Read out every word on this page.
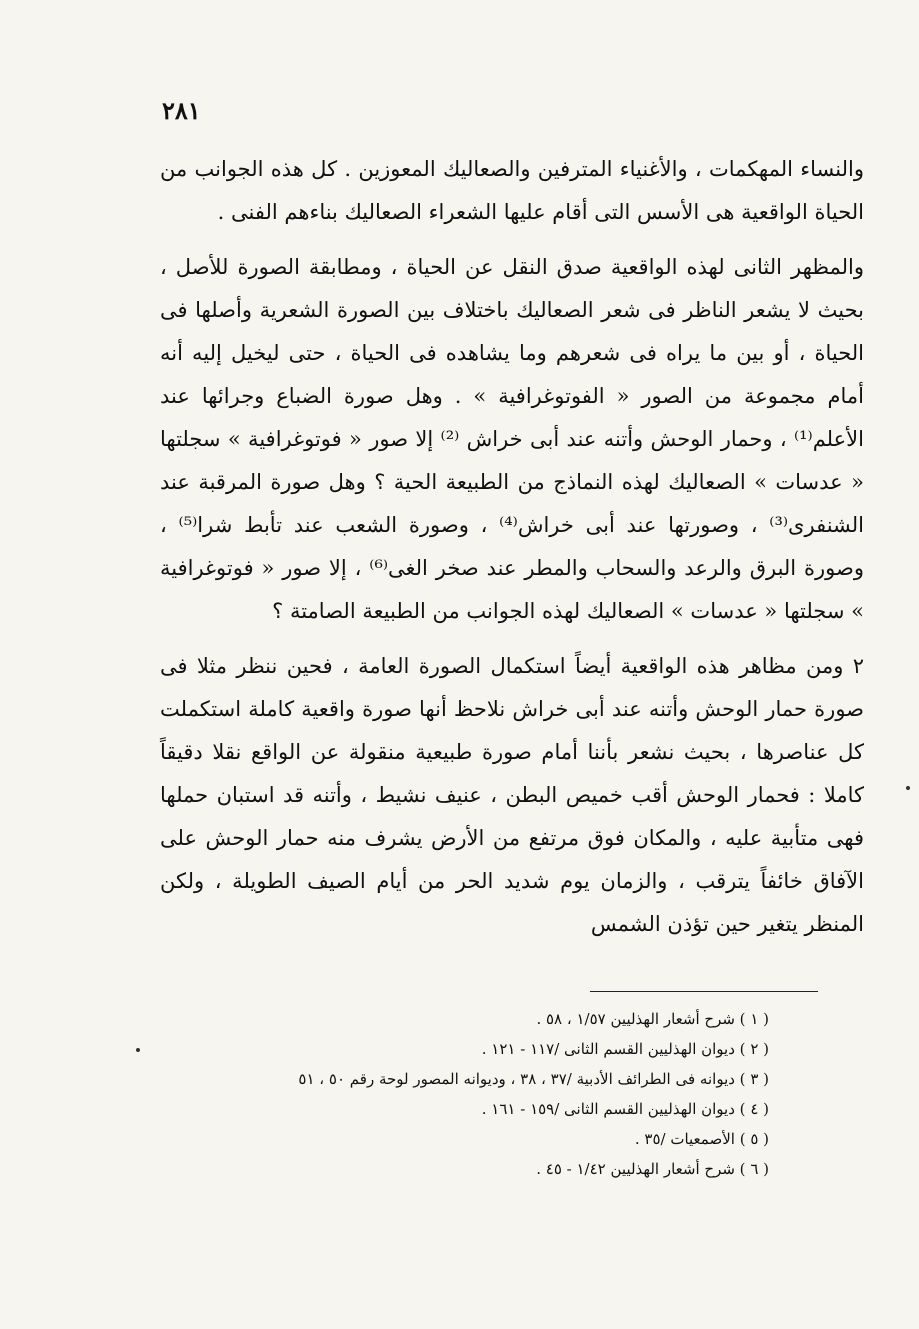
٢٨١

والنساء المهكمات ، والأغنياء المترفين والصعاليك المعوزين . كل هذه الجوانب من الحياة الواقعية هى الأسس التى أقام عليها الشعراء الصعاليك بناءهم الفنى .

والمظهر الثانى لهذه الواقعية صدق النقل عن الحياة ، ومطابقة الصورة للأصل ، بحيث لا يشعر الناظر فى شعر الصعاليك باختلاف بين الصورة الشعرية وأصلها فى الحياة ، أو بين ما يراه فى شعرهم وما يشاهده فى الحياة ، حتى ليخيل إليه أنه أمام مجموعة من الصور « الفوتوغرافية » . وهل صورة الضباع وجرائها عند الأعلم⁽¹⁾ ، وحمار الوحش وأتنه عند أبى خراش ⁽²⁾ إلا صور « فوتوغرافية » سجلتها « عدسات » الصعاليك لهذه النماذج من الطبيعة الحية ؟ وهل صورة المرقبة عند الشنفرى⁽³⁾ ، وصورتها عند أبى خراش⁽⁴⁾ ، وصورة الشعب عند تأبط شرا⁽⁵⁾ ، وصورة البرق والرعد والسحاب والمطر عند صخر الغى⁽⁶⁾ ، إلا صور « فوتوغرافية » سجلتها « عدسات » الصعاليك لهذه الجوانب من الطبيعة الصامتة ؟

٢ ومن مظاهر هذه الواقعية أيضاً استكمال الصورة العامة ، فحين ننظر مثلا فى صورة حمار الوحش وأتنه عند أبى خراش نلاحظ أنها صورة واقعية كاملة استكملت كل عناصرها ، بحيث نشعر بأننا أمام صورة طبيعية منقولة عن الواقع نقلا دقيقاً كاملا : فحمار الوحش أقب خميص البطن ، عنيف نشيط ، وأتنه قد استبان حملها فهى متأبية عليه ، والمكان فوق مرتفع من الأرض يشرف منه حمار الوحش على الآفاق خائفاً يترقب ، والزمان يوم شديد الحر من أيام الصيف الطويلة ، ولكن المنظر يتغير حين تؤذن الشمس

( ١ ) شرح أشعار الهذليين ١/٥٧ ، ٥٨ .

( ٢ ) ديوان الهذليين القسم الثانى /١١٧ - ١٢١ .

( ٣ ) ديوانه فى الطرائف الأدبية /٣٧ ، ٣٨ ، وديوانه المصور لوحة رقم ٥٠ ، ٥١

( ٤ ) ديوان الهذليين القسم الثانى /١٥٩ - ١٦١ .

( ٥ ) الأصمعيات /٣٥ .

( ٦ ) شرح أشعار الهذليين ١/٤٢ - ٤٥ .
